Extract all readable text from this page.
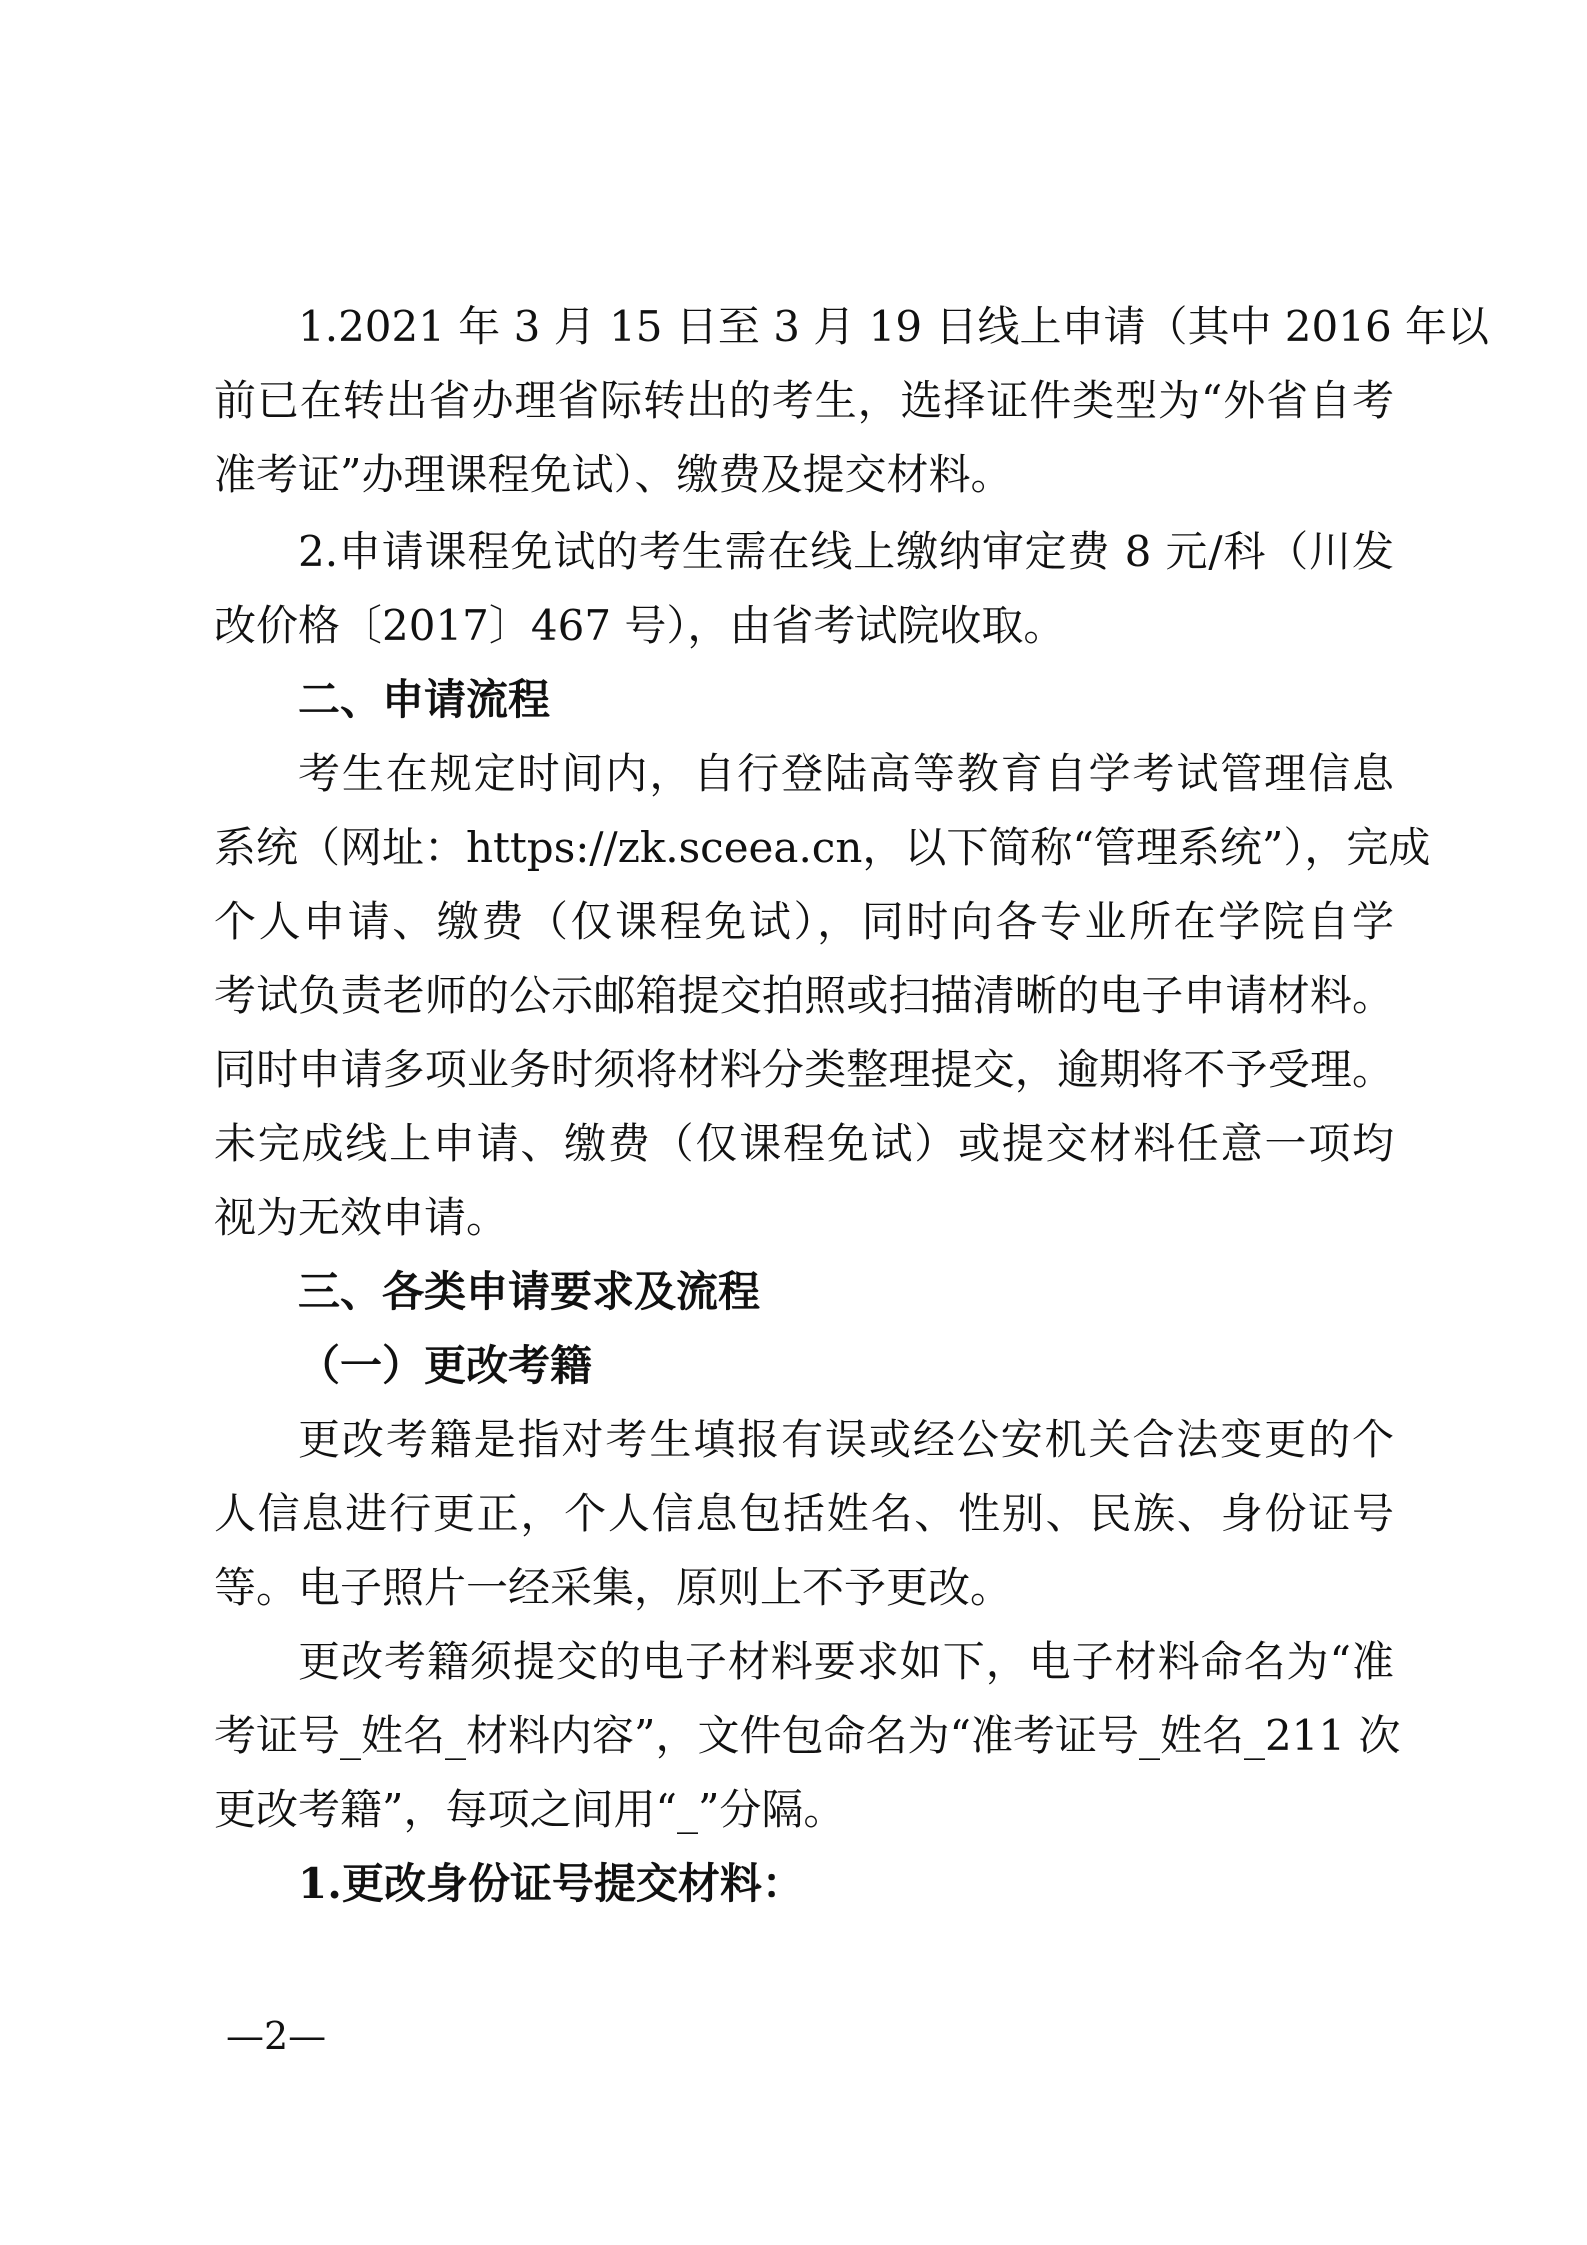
1.2021 年 3 月 15 日至 3 月 19 日线上申请（其中 2016 年以
前已在转出省办理省际转出的考生，选择证件类型为“外省自考
准考证”办理课程免试）、缴费及提交材料。
2.申请课程免试的考生需在线上缴纳审定费 8 元/科（川发
改价格〔2017〕467 号），由省考试院收取。
二、申请流程
考生在规定时间内，自行登陆高等教育自学考试管理信息
系统（网址：https://zk.sceea.cn，以下简称“管理系统”），完成
个人申请、缴费（仅课程免试），同时向各专业所在学院自学
考试负责老师的公示邮箱提交拍照或扫描清晰的电子申请材料。
同时申请多项业务时须将材料分类整理提交，逾期将不予受理。
未完成线上申请、缴费（仅课程免试）或提交材料任意一项均
视为无效申请。
三、各类申请要求及流程
（一）更改考籍
更改考籍是指对考生填报有误或经公安机关合法变更的个
人信息进行更正，个人信息包括姓名、性别、民族、身份证号
等。电子照片一经采集，原则上不予更改。
更改考籍须提交的电子材料要求如下，电子材料命名为“准
考证号_姓名_材料内容”，文件包命名为“准考证号_姓名_211 次
更改考籍”，每项之间用“_”分隔。
1.更改身份证号提交材料：
—2—
